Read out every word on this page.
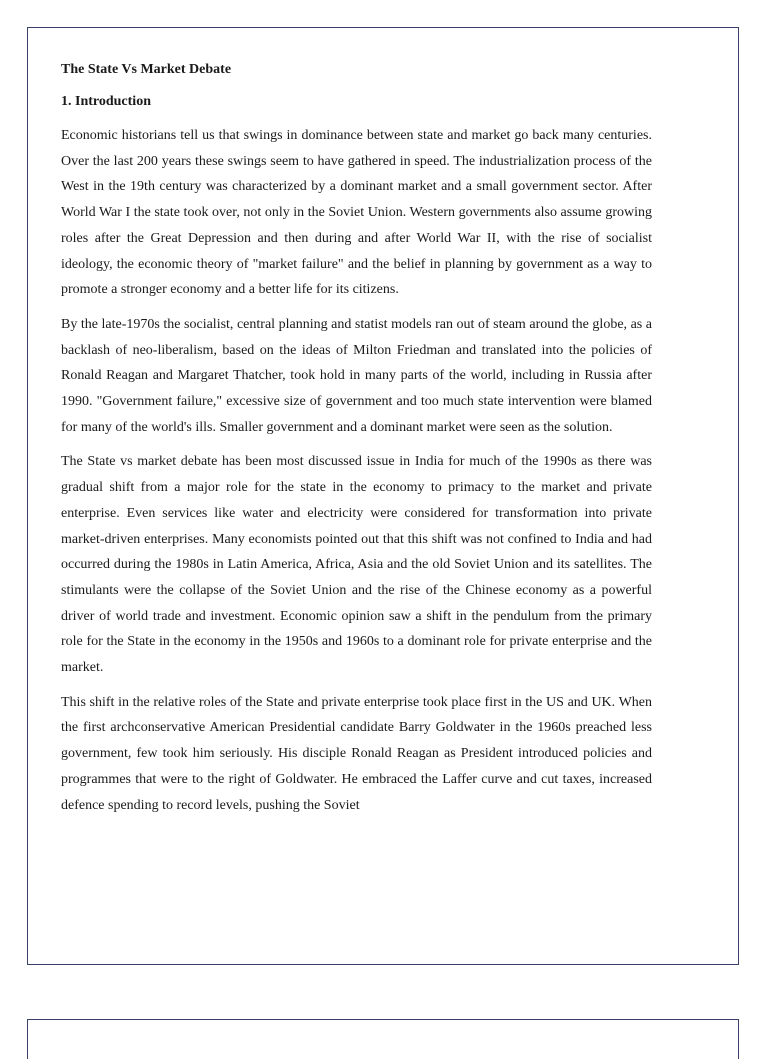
The State Vs Market Debate
1. Introduction

Economic historians tell us that swings in dominance between state and market go back many centuries. Over the last 200 years these swings seem to have gathered in speed. The industrialization process of the West in the 19th century was characterized by a dominant market and a small government sector. After World War I the state took over, not only in the Soviet Union. Western governments also assume growing roles after the Great Depression and then during and after World War II, with the rise of socialist ideology, the economic theory of "market failure" and the belief in planning by government as a way to promote a stronger economy and a better life for its citizens.

By the late-1970s the socialist, central planning and statist models ran out of steam around the globe, as a backlash of neo-liberalism, based on the ideas of Milton Friedman and translated into the policies of Ronald Reagan and Margaret Thatcher, took hold in many parts of the world, including in Russia after 1990. "Government failure," excessive size of government and too much state intervention were blamed for many of the world's ills. Smaller government and a dominant market were seen as the solution.

The State vs market debate has been most discussed issue in India for much of the 1990s as there was gradual shift from a major role for the state in the economy to primacy to the market and private enterprise. Even services like water and electricity were considered for transformation into private market-driven enterprises. Many economists pointed out that this shift was not confined to India and had occurred during the 1980s in Latin America, Africa, Asia and the old Soviet Union and its satellites. The stimulants were the collapse of the Soviet Union and the rise of the Chinese economy as a powerful driver of world trade and investment. Economic opinion saw a shift in the pendulum from the primary role for the State in the economy in the 1950s and 1960s to a dominant role for private enterprise and the market.

This shift in the relative roles of the State and private enterprise took place first in the US and UK. When the first archconservative American Presidential candidate Barry Goldwater in the 1960s preached less government, few took him seriously. His disciple Ronald Reagan as President introduced policies and programmes that were to the right of Goldwater. He embraced the Laffer curve and cut taxes, increased defence spending to record levels, pushing the Soviet
